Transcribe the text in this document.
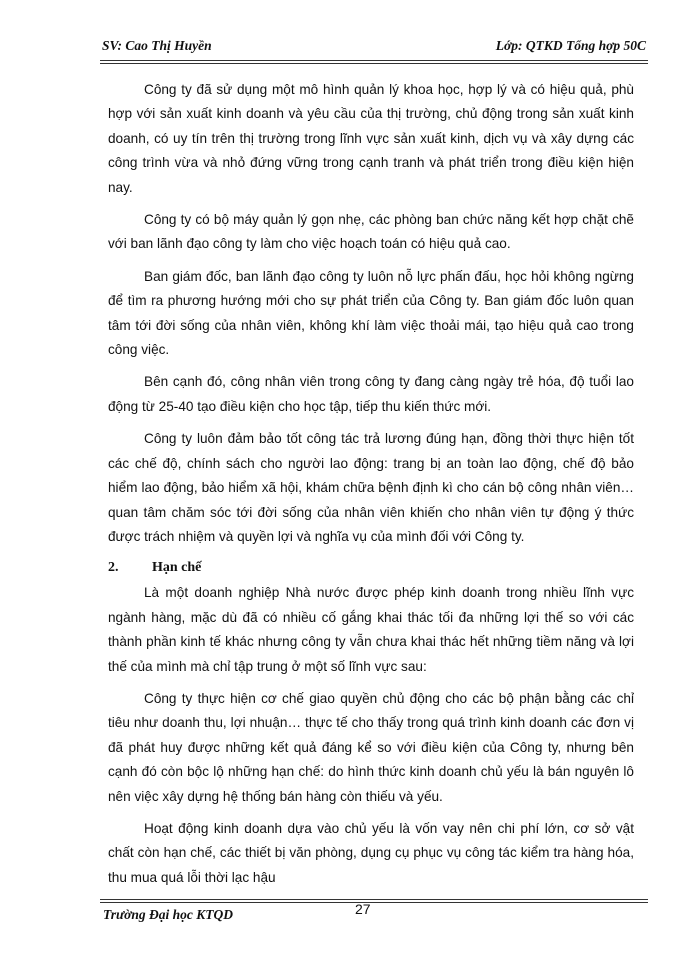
SV: Cao Thị Huyền	Lớp: QTKD Tổng hợp 50C

Công ty đã sử dụng một mô hình quản lý khoa học, hợp lý và có hiệu quả, phù hợp với sản xuất kinh doanh và yêu cầu của thị trường, chủ động trong sản xuất kinh doanh, có uy tín trên thị trường trong lĩnh vực sản xuất kinh, dịch vụ và xây dựng các công trình vừa và nhỏ đứng vững trong cạnh tranh và phát triển trong điều kiện hiện nay.

Công ty có bộ máy quản lý gọn nhẹ, các phòng ban chức năng kết hợp chặt chẽ với ban lãnh đạo công ty làm cho việc hoạch toán có hiệu quả cao.

Ban giám đốc, ban lãnh đạo công ty luôn nỗ lực phấn đấu, học hỏi không ngừng để tìm ra phương hướng mới cho sự phát triển của Công ty. Ban giám đốc luôn quan tâm tới đời sống của nhân viên, không khí làm việc thoải mái, tạo hiệu quả cao trong công việc.

Bên cạnh đó, công nhân viên trong công ty đang càng ngày trẻ hóa, độ tuổi lao động từ 25-40 tạo điều kiện cho học tập, tiếp thu kiến thức mới.

Công ty luôn đảm bảo tốt công tác trả lương đúng hạn, đồng thời thực hiện tốt các chế độ, chính sách cho người lao động: trang bị an toàn lao động, chế độ bảo hiểm lao động, bảo hiểm xã hội, khám chữa bệnh định kì cho cán bộ công nhân viên…quan tâm chăm sóc tới đời sống của nhân viên khiến cho nhân viên tự động ý thức được trách nhiệm và quyền lợi và nghĩa vụ của mình đối với Công ty.

2.	Hạn chế

Là một doanh nghiệp Nhà nước được phép kinh doanh trong nhiều lĩnh vực ngành hàng, mặc dù đã có nhiều cố gắng khai thác tối đa những lợi thế so với các thành phần kinh tế khác nhưng công ty vẫn chưa khai thác hết những tiềm năng và lợi thế của mình mà chỉ tập trung ở một số lĩnh vực sau:

Công ty thực hiện cơ chế giao quyền chủ động cho các bộ phận bằng các chỉ tiêu như doanh thu, lợi nhuận… thực tế cho thấy trong quá trình kinh doanh các đơn vị đã phát huy được những kết quả đáng kể so với điều kiện của Công ty, nhưng bên cạnh đó còn bộc lộ những hạn chế: do hình thức kinh doanh chủ yếu là bán nguyên lô nên việc xây dựng hệ thống bán hàng còn thiếu và yếu.

Hoạt động kinh doanh dựa vào chủ yếu là vốn vay nên chi phí lớn, cơ sở vật chất còn hạn chế, các thiết bị văn phòng, dụng cụ phục vụ công tác kiểm tra hàng hóa, thu mua quá lỗi thời lạc hậu

Trường Đại học KTQD	27
